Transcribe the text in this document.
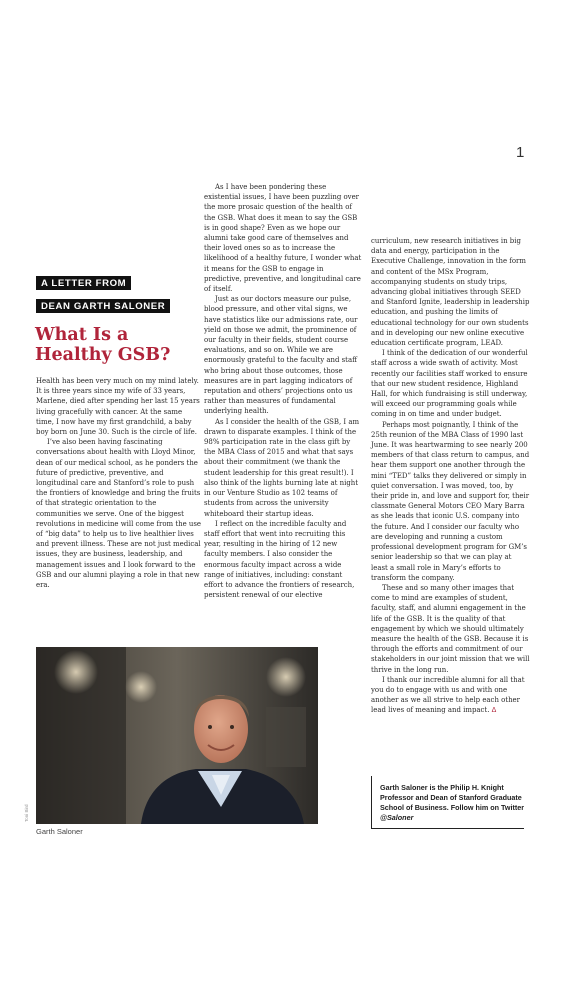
1
A LETTER FROM
DEAN GARTH SALONER
What Is a Healthy GSB?

Health has been very much on my mind lately. It is three years since my wife of 33 years, Marlene, died after spending her last 15 years living gracefully with cancer. At the same time, I now have my first grandchild, a baby boy born on June 30. Such is the circle of life.

I’ve also been having fascinating conversations about health with Lloyd Minor, dean of our medical school, as he ponders the future of predictive, preventive, and longitudinal care and Stanford’s role to push the frontiers of knowledge and bring the fruits of that strategic orientation to the communities we serve. One of the biggest revolutions in medicine will come from the use of “big data” to help us to live healthier lives and prevent illness. These are not just medical issues, they are business, leadership, and management issues and I look forward to the GSB and our alumni playing a role in that new era.

As I have been pondering these existential issues, I have been puzzling over the more prosaic question of the health of the GSB. What does it mean to say the GSB is in good shape? Even as we hope our alumni take good care of themselves and their loved ones so as to increase the likelihood of a healthy future, I wonder what it means for the GSB to engage in predictive, preventive, and longitudinal care of itself.

Just as our doctors measure our pulse, blood pressure, and other vital signs, we have statistics like our admissions rate, our yield on those we admit, the prominence of our faculty in their fields, student course evaluations, and so on. While we are enormously grateful to the faculty and staff who bring about those outcomes, those measures are in part lagging indicators of reputation and others’ projections onto us rather than measures of fundamental underlying health.

As I consider the health of the GSB, I am drawn to disparate examples. I think of the 98% participation rate in the class gift by the MBA Class of 2015 and what that says about their commitment (we thank the student leadership for this great result!). I also think of the lights burning late at night in our Venture Studio as 102 teams of students from across the university whiteboard their startup ideas.

I reflect on the incredible faculty and staff effort that went into recruiting this year, resulting in the hiring of 12 new faculty members. I also consider the enormous faculty impact across a wide range of initiatives, including: constant effort to advance the frontiers of research, persistent renewal of our elective

curriculum, new research initiatives in big data and energy, participation in the Executive Challenge, innovation in the form and content of the MSx Program, accompanying students on study trips, advancing global initiatives through SEED and Stanford Ignite, leadership in leadership education, and pushing the limits of educational technology for our own students and in developing our new online executive education certificate program, LEAD.

I think of the dedication of our wonderful staff across a wide swath of activity. Most recently our facilities staff worked to ensure that our new student residence, Highland Hall, for which fundraising is still underway, will exceed our programming goals while coming in on time and under budget.

Perhaps most poignantly, I think of the 25th reunion of the MBA Class of 1990 last June. It was heartwarming to see nearly 200 members of that class return to campus, and hear them support one another through the mini “TED” talks they delivered or simply in quiet conversation. I was moved, too, by their pride in, and love and support for, their classmate General Motors CEO Mary Barra as she leads that iconic U.S. company into the future. And I consider our faculty who are developing and running a custom professional development program for GM’s senior leadership so that we can play at least a small role in Mary’s efforts to transform the company.

These and so many other images that come to mind are examples of student, faculty, staff, and alumni engagement in the life of the GSB. It is the quality of that engagement by which we should ultimately measure the health of the GSB. Because it is through the efforts and commitment of our stakeholders in our joint mission that we will thrive in the long run.

I thank our incredible alumni for all that you do to engage with us and with one another as we all strive to help each other lead lives of meaning and impact. Δ

Toni Bird
Garth Saloner
Garth Saloner is the Philip H. Knight Professor and Dean of Stanford Graduate School of Business. Follow him on Twitter @Saloner
